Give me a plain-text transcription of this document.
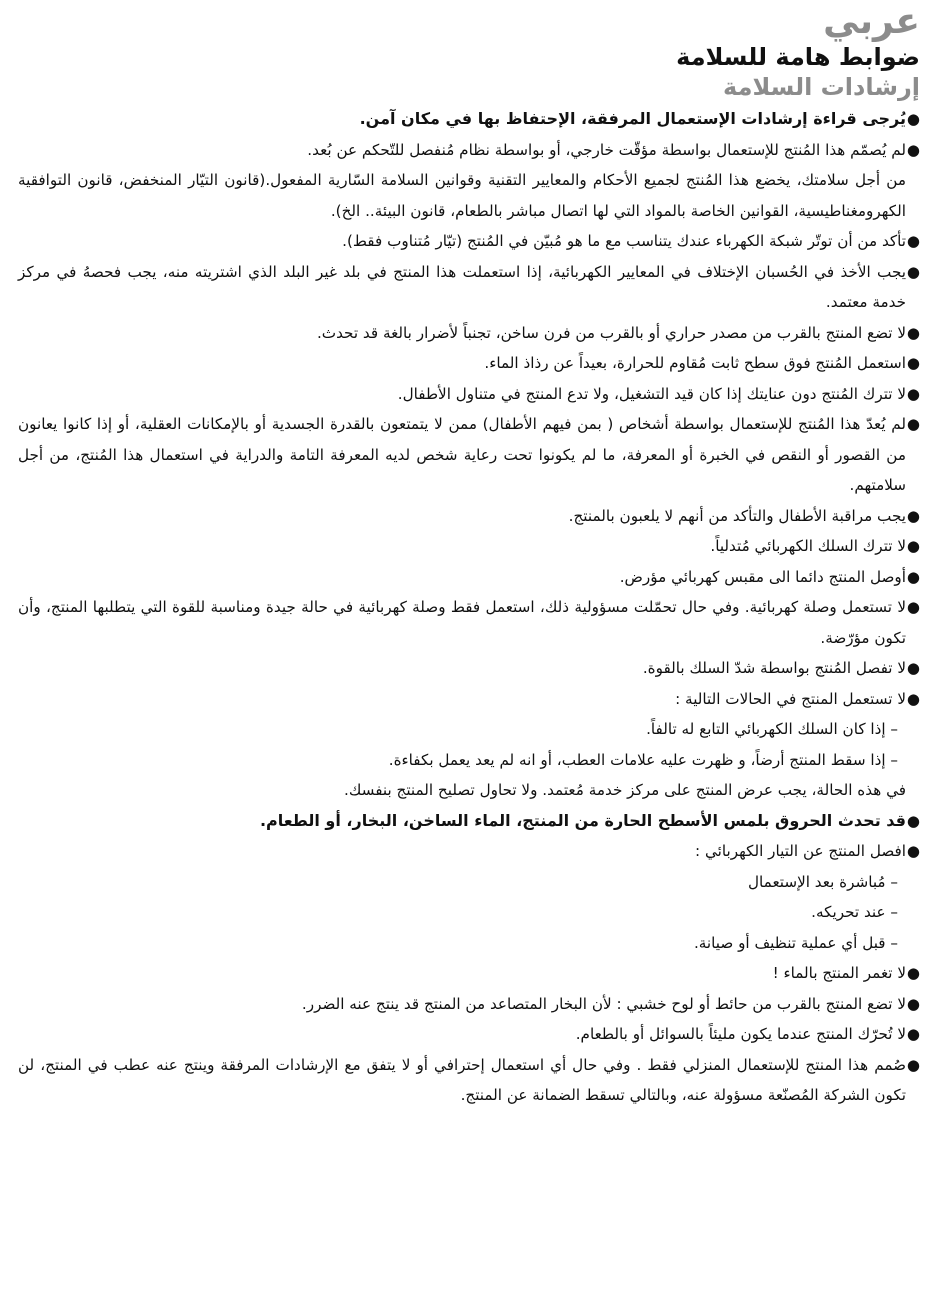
عربي
ضوابط هامة للسلامة
إرشادات السلامة
●
يُرجى قراءة إرشادات الإستعمال المرفقة، الإحتفاظ بها في مكان آمن.
●
لم يُصمّم هذا المُنتج للإستعمال بواسطة مؤقّت خارجي، أو بواسطة نظام مُنفصل للتّحكم عن بُعد.
من أجل سلامتك، يخضع هذا المُنتج لجميع الأحكام والمعايير التقنية وقوانين السلامة السّارية المفعول.(قانون التيّار المنخفض، قانون التوافقية الكهرومغناطيسية، القوانين الخاصة بالمواد التي لها اتصال مباشر بالطعام، قانون البيئة.. الخ).
●
تأكد من أن توتّر شبكة الكهرباء عندك يتناسب مع ما هو مُبيّن في المُنتج (تيّار مُتناوب فقط).
●
يجب الأخذ في الحُسبان الإختلاف في المعايير الكهربائية، إذا استعملت هذا المنتج في بلد غير البلد الذي اشتريته منه، يجب فحصهُ في مركز خدمة معتمد.
●
لا تضع المنتج بالقرب من مصدر حراري أو بالقرب من فرن ساخن، تجنباً لأضرار بالغة قد تحدث.
●
استعمل المُنتج فوق سطح ثابت مُقاوم للحرارة، بعيداً عن رذاذ الماء.
●
لا تترك المُنتج دون عنايتك إذا كان قيد التشغيل، ولا تدع المنتج في متناول الأطفال.
●
لم يُعدّ هذا المُنتج للإستعمال بواسطة أشخاص ( بمن فيهم الأطفال) ممن لا يتمتعون بالقدرة الجسدية أو بالإمكانات العقلية، أو إذا كانوا يعانون من القصور أو النقص في الخبرة أو المعرفة، ما لم يكونوا تحت رعاية شخص لديه المعرفة التامة والدراية في استعمال هذا المُنتج، من أجل سلامتهم.
●
يجب مراقبة الأطفال والتأكد من أنهم لا يلعبون بالمنتج.
●
لا تترك السلك الكهربائي مُتدلياً.
●
أوصل المنتج دائما الى مقبس كهربائي مؤرض.
●
لا تستعمل وصلة كهربائية. وفي حال تحمّلت مسؤولية ذلك، استعمل فقط وصلة كهربائية في حالة جيدة ومناسبة للقوة التي يتطلبها المنتج، وأن تكون مؤرّضة.
●
لا تفصل المُنتج بواسطة شدّ السلك بالقوة.
●
لا تستعمل المنتج في الحالات التالية :
– إذا كان السلك الكهربائي التابع له تالفاً.
– إذا سقط المنتج أرضاً، و ظهرت عليه علامات العطب، أو انه لم يعد يعمل بكفاءة.
في هذه الحالة، يجب عرض المنتج على مركز خدمة مُعتمد. ولا تحاول تصليح المنتج بنفسك.
●
قد تحدث الحروق بلمس الأسطح الحارة من المنتج، الماء الساخن، البخار، أو الطعام.
●
افصل المنتج عن التيار الكهربائي :
– مُباشرة بعد الإستعمال
– عند تحريكه.
– قبل أي عملية تنظيف أو صيانة.
●
لا تغمر المنتج بالماء !
●
لا تضع المنتج بالقرب من حائط أو لوح خشبي : لأن البخار المتصاعد من المنتج قد ينتج عنه الضرر.
●
لا تُحرّك المنتج عندما يكون مليئاً بالسوائل أو بالطعام.
●
صُمم هذا المنتج للإستعمال المنزلي فقط . وفي حال أي استعمال إحترافي أو لا يتفق مع الإرشادات المرفقة وينتج عنه عطب في المنتج، لن تكون الشركة المُصنّعة مسؤولة عنه، وبالتالي تسقط الضمانة عن المنتج.
